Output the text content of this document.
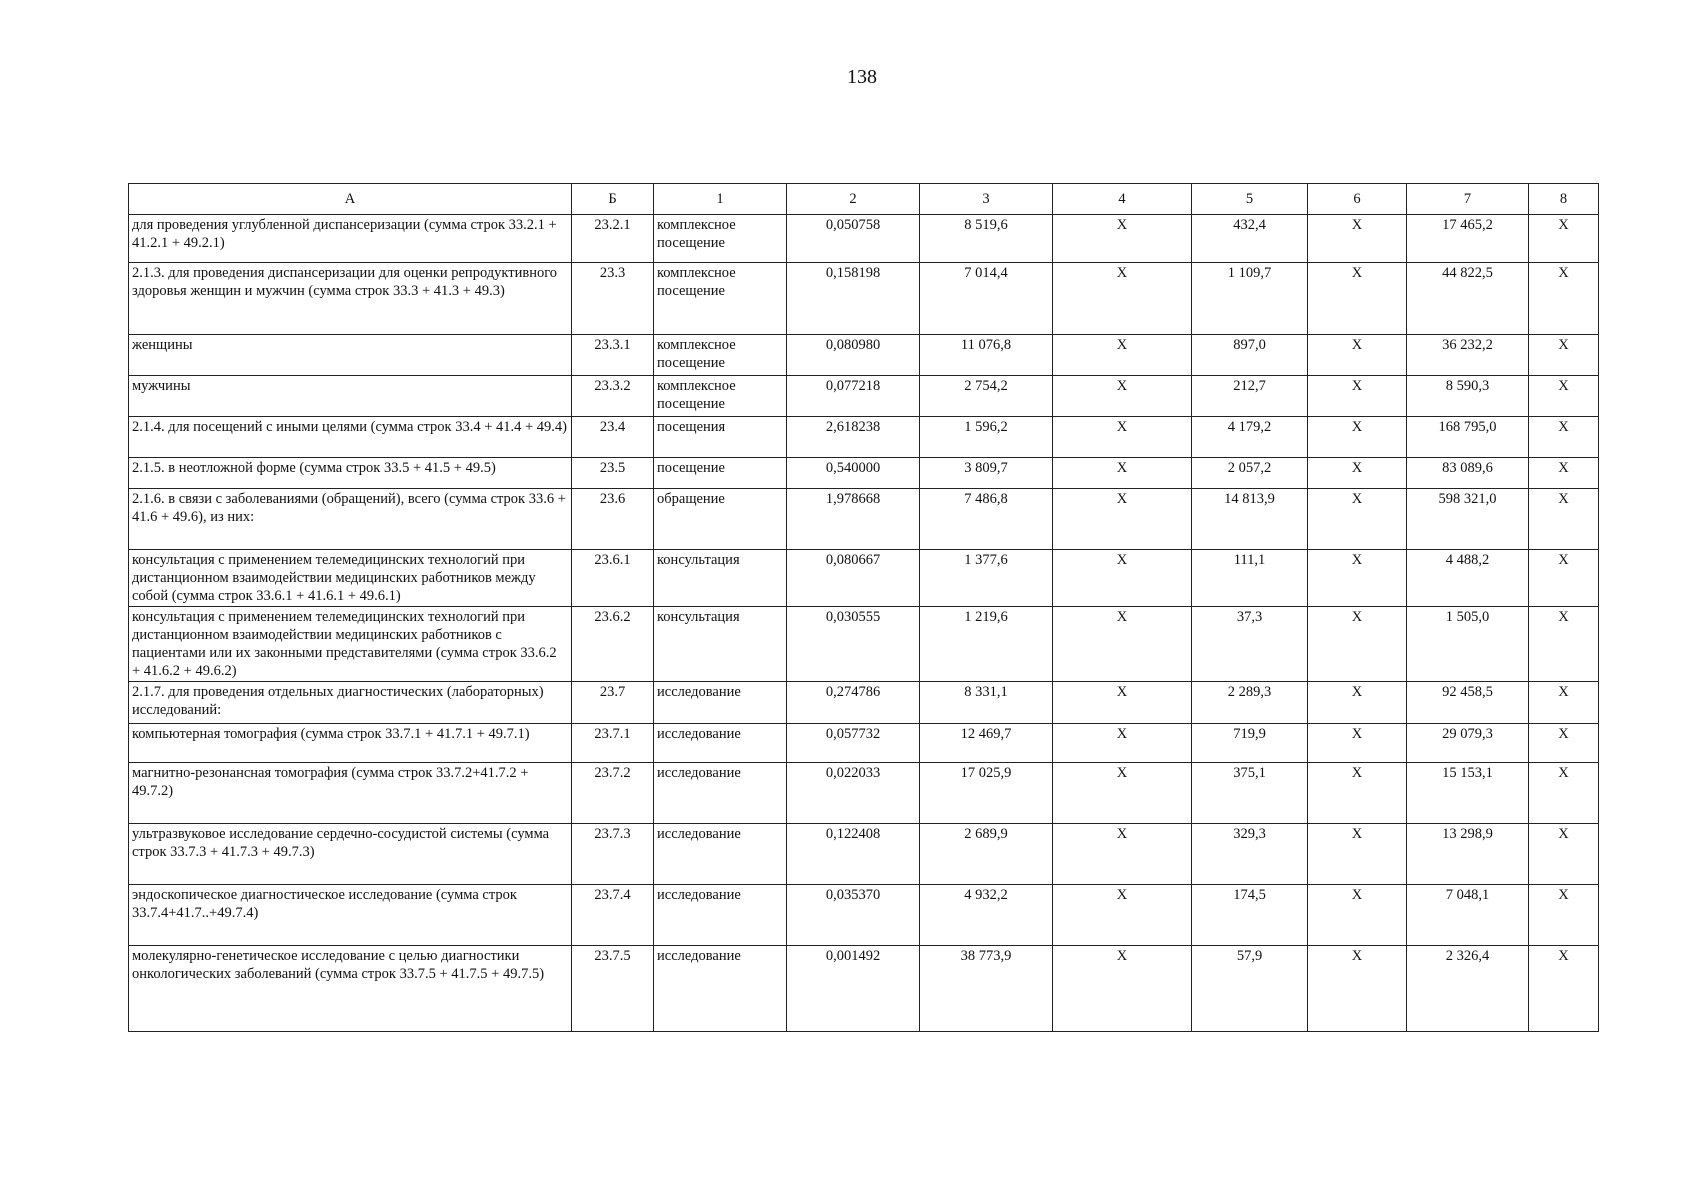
138
А	Б	1	2	3	4	5	6	7	8
для проведения углубленной диспансеризации (сумма строк 33.2.1 + 41.2.1 + 49.2.1)	23.2.1	комплексное посещение	0,050758	8 519,6	Х	432,4	Х	17 465,2	Х
2.1.3. для проведения диспансеризации для оценки репродуктивного здоровья женщин и мужчин (сумма строк 33.3 + 41.3 + 49.3)	23.3	комплексное посещение	0,158198	7 014,4	Х	1 109,7	Х	44 822,5	Х
женщины	23.3.1	комплексное посещение	0,080980	11 076,8	Х	897,0	Х	36 232,2	Х
мужчины	23.3.2	комплексное посещение	0,077218	2 754,2	Х	212,7	Х	8 590,3	Х
2.1.4. для посещений с иными целями (сумма строк 33.4 + 41.4 + 49.4)	23.4	посещения	2,618238	1 596,2	Х	4 179,2	Х	168 795,0	Х
2.1.5. в неотложной форме (сумма строк 33.5 + 41.5 + 49.5)	23.5	посещение	0,540000	3 809,7	Х	2 057,2	Х	83 089,6	Х
2.1.6. в связи с заболеваниями (обращений), всего (сумма строк 33.6 + 41.6 + 49.6), из них:	23.6	обращение	1,978668	7 486,8	Х	14 813,9	Х	598 321,0	Х
консультация с применением телемедицинских технологий при дистанционном взаимодействии медицинских работников между собой (сумма строк 33.6.1 + 41.6.1 + 49.6.1)	23.6.1	консультация	0,080667	1 377,6	Х	111,1	Х	4 488,2	Х
консультация с применением телемедицинских технологий при дистанционном взаимодействии медицинских работников с пациентами или их законными представителями (сумма строк 33.6.2 + 41.6.2 + 49.6.2)	23.6.2	консультация	0,030555	1 219,6	Х	37,3	Х	1 505,0	Х
2.1.7. для проведения отдельных диагностических (лабораторных) исследований:	23.7	исследование	0,274786	8 331,1	Х	2 289,3	Х	92 458,5	Х
компьютерная томография (сумма строк 33.7.1 + 41.7.1 + 49.7.1)	23.7.1	исследование	0,057732	12 469,7	Х	719,9	Х	29 079,3	Х
магнитно-резонансная томография (сумма строк 33.7.2+41.7.2 + 49.7.2)	23.7.2	исследование	0,022033	17 025,9	Х	375,1	Х	15 153,1	Х
ультразвуковое исследование сердечно-сосудистой системы (сумма строк 33.7.3 + 41.7.3 + 49.7.3)	23.7.3	исследование	0,122408	2 689,9	Х	329,3	Х	13 298,9	Х
эндоскопическое диагностическое исследование (сумма строк 33.7.4+41.7..+49.7.4)	23.7.4	исследование	0,035370	4 932,2	Х	174,5	Х	7 048,1	Х
молекулярно-генетическое исследование с целью диагностики онкологических заболеваний (сумма строк 33.7.5 + 41.7.5 + 49.7.5)	23.7.5	исследование	0,001492	38 773,9	Х	57,9	Х	2 326,4	Х
